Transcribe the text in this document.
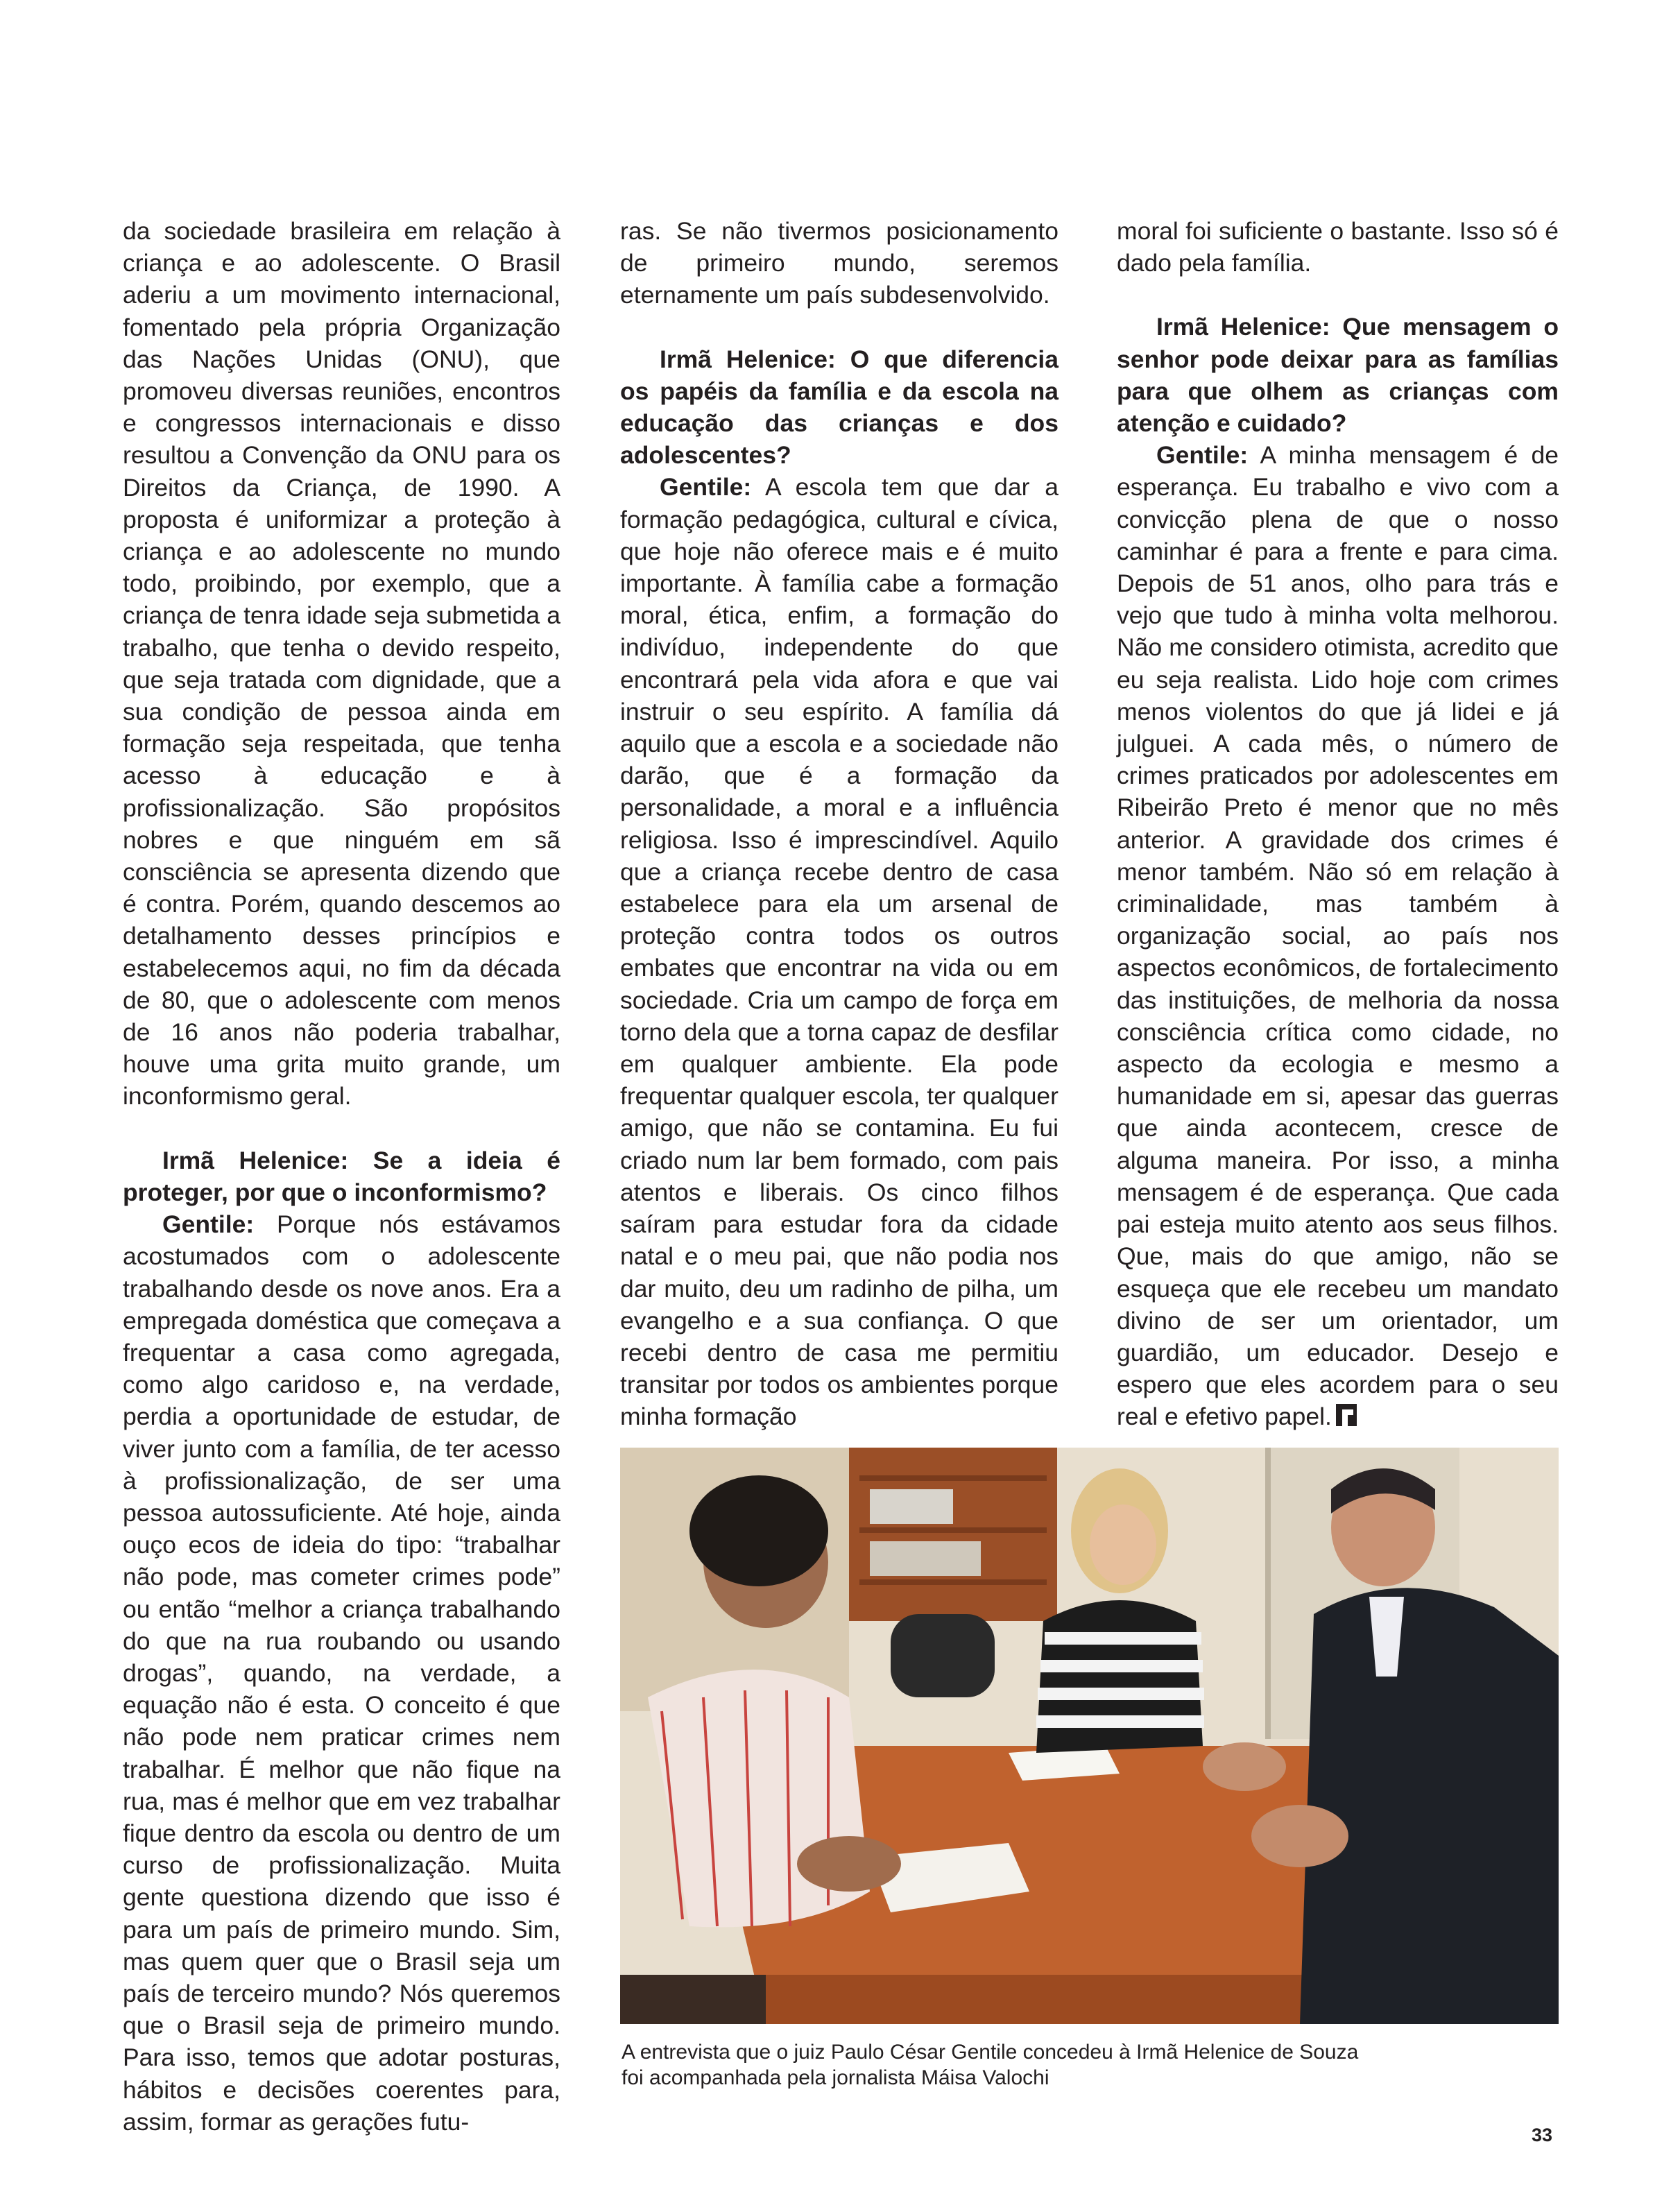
da sociedade brasileira em relação à criança e ao adolescente. O Brasil aderiu a um movimento internacional, fomentado pela própria Organização das Nações Unidas (ONU), que promoveu diversas reuniões, encontros e congressos internacionais e disso resultou a Convenção da ONU para os Direitos da Criança, de 1990. A proposta é uniformizar a proteção à criança e ao adolescente no mundo todo, proibindo, por exemplo, que a criança de tenra idade seja submetida a trabalho, que tenha o devido respeito, que seja tratada com dignidade, que a sua condição de pessoa ainda em formação seja respeitada, que tenha acesso à educação e à profissionalização. São propósitos nobres e que ninguém em sã consciência se apresenta dizendo que é contra. Porém, quando descemos ao detalhamento desses princípios e estabelecemos aqui, no fim da década de 80, que o adolescente com menos de 16 anos não poderia trabalhar, houve uma grita muito grande, um inconformismo geral.

Irmã Helenice: Se a ideia é proteger, por que o inconformismo?

Gentile: Porque nós estávamos acostumados com o adolescente trabalhando desde os nove anos. Era a empregada doméstica que começava a frequentar a casa como agregada, como algo caridoso e, na verdade, perdia a oportunidade de estudar, de viver junto com a família, de ter acesso à profissionalização, de ser uma pessoa autossuficiente. Até hoje, ainda ouço ecos de ideia do tipo: “trabalhar não pode, mas cometer crimes pode” ou então “melhor a criança trabalhando do que na rua roubando ou usando drogas”, quando, na verdade, a equação não é esta. O conceito é que não pode nem praticar crimes nem trabalhar. É melhor que não fique na rua, mas é melhor que em vez trabalhar fique dentro da escola ou dentro de um curso de profissionalização. Muita gente questiona dizendo que isso é para um país de primeiro mundo. Sim, mas quem quer que o Brasil seja um país de terceiro mundo? Nós queremos que o Brasil seja de primeiro mundo. Para isso, temos que adotar posturas, hábitos e decisões coerentes para, assim, formar as gerações futu-

ras. Se não tivermos posicionamento de primeiro mundo, seremos eternamente um país subdesenvolvido.

Irmã Helenice: O que diferencia os papéis da família e da escola na educação das crianças e dos adolescentes?

Gentile: A escola tem que dar a formação pedagógica, cultural e cívica, que hoje não oferece mais e é muito importante. À família cabe a formação moral, ética, enfim, a formação do indivíduo, independente do que encontrará pela vida afora e que vai instruir o seu espírito. A família dá aquilo que a escola e a sociedade não darão, que é a formação da personalidade, a moral e a influência religiosa. Isso é imprescindível. Aquilo que a criança recebe dentro de casa estabelece para ela um arsenal de proteção contra todos os outros embates que encontrar na vida ou em sociedade. Cria um campo de força em torno dela que a torna capaz de desfilar em qualquer ambiente. Ela pode frequentar qualquer escola, ter qualquer amigo, que não se contamina. Eu fui criado num lar bem formado, com pais atentos e liberais. Os cinco filhos saíram para estudar fora da cidade natal e o meu pai, que não podia nos dar muito, deu um radinho de pilha, um evangelho e a sua confiança. O que recebi dentro de casa me permitiu transitar por todos os ambientes porque minha formação

moral foi suficiente o bastante. Isso só é dado pela família.

Irmã Helenice: Que mensagem o senhor pode deixar para as famílias para que olhem as crianças com atenção e cuidado?

Gentile: A minha mensagem é de esperança. Eu trabalho e vivo com a convicção plena de que o nosso caminhar é para a frente e para cima. Depois de 51 anos, olho para trás e vejo que tudo à minha volta melhorou. Não me considero otimista, acredito que eu seja realista. Lido hoje com crimes menos violentos do que já lidei e já julguei. A cada mês, o número de crimes praticados por adolescentes em Ribeirão Preto é menor que no mês anterior. A gravidade dos crimes é menor também. Não só em relação à criminalidade, mas também à organização social, ao país nos aspectos econômicos, de fortalecimento das instituições, de melhoria da nossa consciência crítica como cidade, no aspecto da ecologia e mesmo a humanidade em si, apesar das guerras que ainda acontecem, cresce de alguma maneira. Por isso, a minha mensagem é de esperança. Que cada pai esteja muito atento aos seus filhos. Que, mais do que amigo, não se esqueça que ele recebeu um mandato divino de ser um orientador, um guardião, um educador. Desejo e espero que eles acordem para o seu real e efetivo papel.

A entrevista que o juiz Paulo César Gentile concedeu à Irmã Helenice de Souza

foi acompanhada pela jornalista Máisa Valochi

33
